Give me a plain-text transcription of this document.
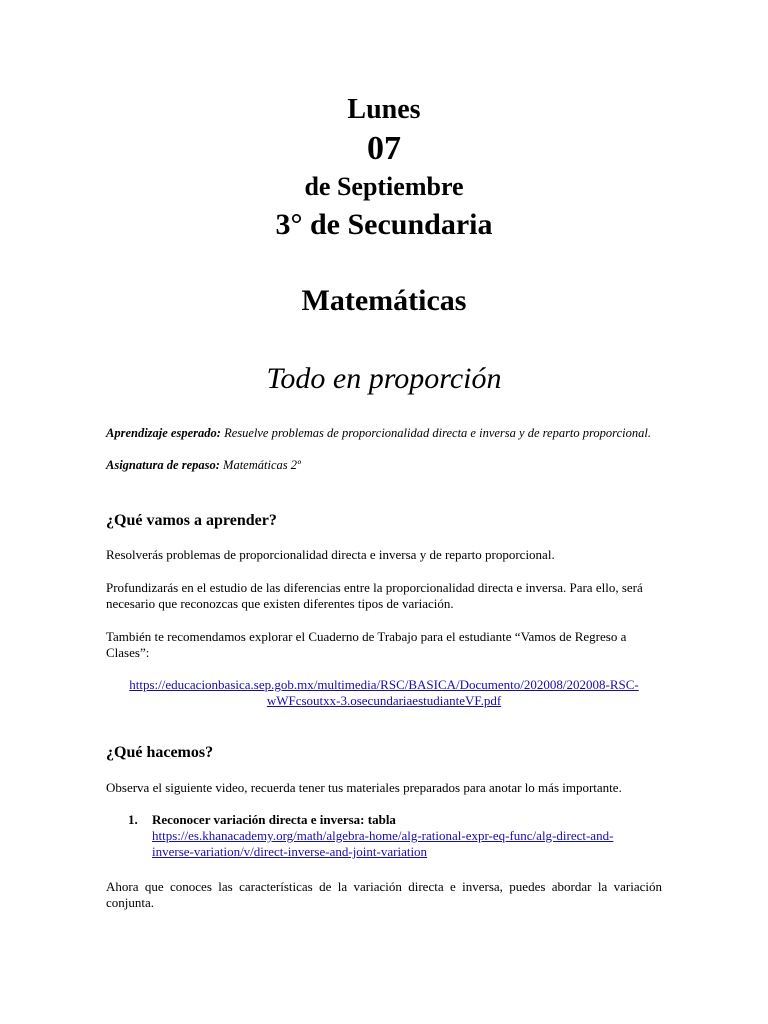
Lunes
07
de Septiembre
3° de Secundaria
Matemáticas
Todo en proporción
Aprendizaje esperado: Resuelve problemas de proporcionalidad directa e inversa y de reparto proporcional.
Asignatura de repaso: Matemáticas 2º
¿Qué vamos a aprender?
Resolverás problemas de proporcionalidad directa e inversa y de reparto proporcional.
Profundizarás en el estudio de las diferencias entre la proporcionalidad directa e inversa. Para ello, será necesario que reconozcas que existen diferentes tipos de variación.
También te recomendamos explorar el Cuaderno de Trabajo para el estudiante “Vamos de Regreso a Clases”:
https://educacionbasica.sep.gob.mx/multimedia/RSC/BASICA/Documento/202008/202008-RSC-
wWFcsoutxx-3.osecundariaestudianteVF.pdf
¿Qué hacemos?
Observa el siguiente video, recuerda tener tus materiales preparados para anotar lo más importante.
1. Reconocer variación directa e inversa: tabla
https://es.khanacademy.org/math/algebra-home/alg-rational-expr-eq-func/alg-direct-and-
inverse-variation/v/direct-inverse-and-joint-variation
Ahora que conoces las características de la variación directa e inversa, puedes abordar la variación conjunta.
